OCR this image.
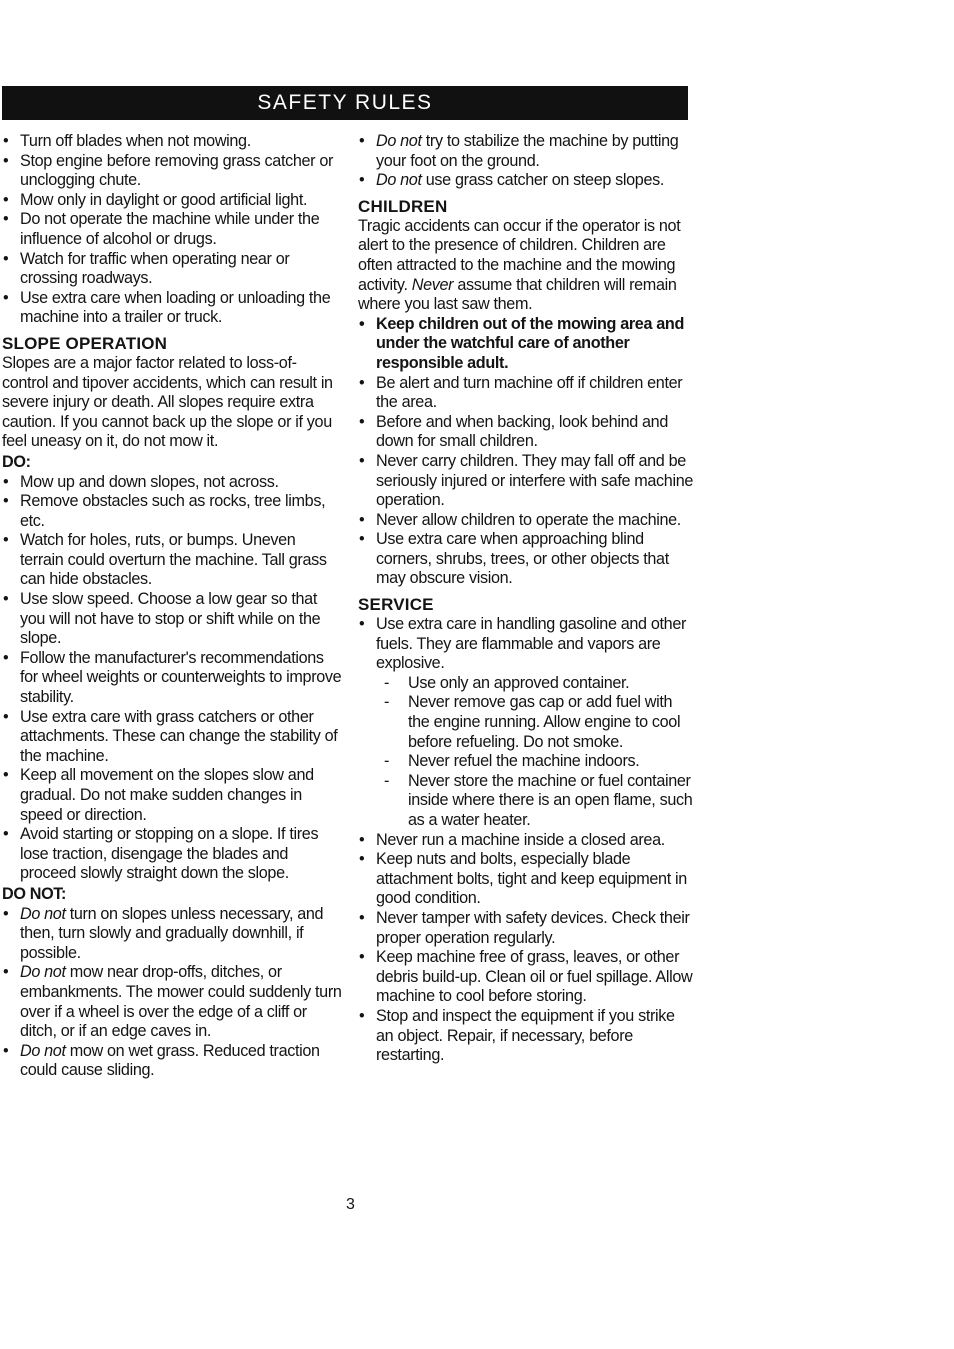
SAFETY RULES
• Turn off blades when not mowing.
• Stop engine before removing grass catcher or unclogging chute.
• Mow only in daylight or good artificial light.
• Do not operate the machine while under the influence of alcohol or drugs.
• Watch for traffic when operating near or crossing roadways.
• Use extra care when loading or unloading the machine into a trailer or truck.
SLOPE OPERATION

Slopes are a major factor related to loss-of-control and tipover accidents, which can result in severe injury or death. All slopes require extra caution. If you cannot back up the slope or if you feel uneasy on it, do not mow it.

DO:
• Mow up and down slopes, not across.
• Remove obstacles such as rocks, tree limbs, etc.
• Watch for holes, ruts, or bumps. Uneven terrain could overturn the machine. Tall grass can hide obstacles.
• Use slow speed. Choose a low gear so that you will not have to stop or shift while on the slope.
• Follow the manufacturer's recommendations for wheel weights or counterweights to improve stability.
• Use extra care with grass catchers or other attachments. These can change the stability of the machine.
• Keep all movement on the slopes slow and gradual. Do not make sudden changes in speed or direction.
• Avoid starting or stopping on a slope. If tires lose traction, disengage the blades and proceed slowly straight down the slope.
DO NOT:
• Do not turn on slopes unless necessary, and then, turn slowly and gradually downhill, if possible.
• Do not mow near drop-offs, ditches, or embankments. The mower could suddenly turn over if a wheel is over the edge of a cliff or ditch, or if an edge caves in.
• Do not mow on wet grass. Reduced traction could cause sliding.
• Do not try to stabilize the machine by putting your foot on the ground.
• Do not use grass catcher on steep slopes.
CHILDREN

Tragic accidents can occur if the operator is not alert to the presence of children. Children are often attracted to the machine and the mowing activity. Never assume that children will remain where you last saw them.

• Keep children out of the mowing area and under the watchful care of another responsible adult.
• Be alert and turn machine off if children enter the area.
• Before and when backing, look behind and down for small children.
• Never carry children. They may fall off and be seriously injured or interfere with safe machine operation.
• Never allow children to operate the machine.
• Use extra care when approaching blind corners, shrubs, trees, or other objects that may obscure vision.
SERVICE
• Use extra care in handling gasoline and other fuels. They are flammable and vapors are explosive.
- Use only an approved container.
- Never remove gas cap or add fuel with the engine running. Allow engine to cool before refueling. Do not smoke.
- Never refuel the machine indoors.
- Never store the machine or fuel container inside where there is an open flame, such as a water heater.
• Never run a machine inside a closed area.
• Keep nuts and bolts, especially blade attachment bolts, tight and keep equipment in good condition.
• Never tamper with safety devices. Check their proper operation regularly.
• Keep machine free of grass, leaves, or other debris build-up. Clean oil or fuel spillage. Allow machine to cool before storing.
• Stop and inspect the equipment if you strike an object. Repair, if necessary, before restarting.
3
